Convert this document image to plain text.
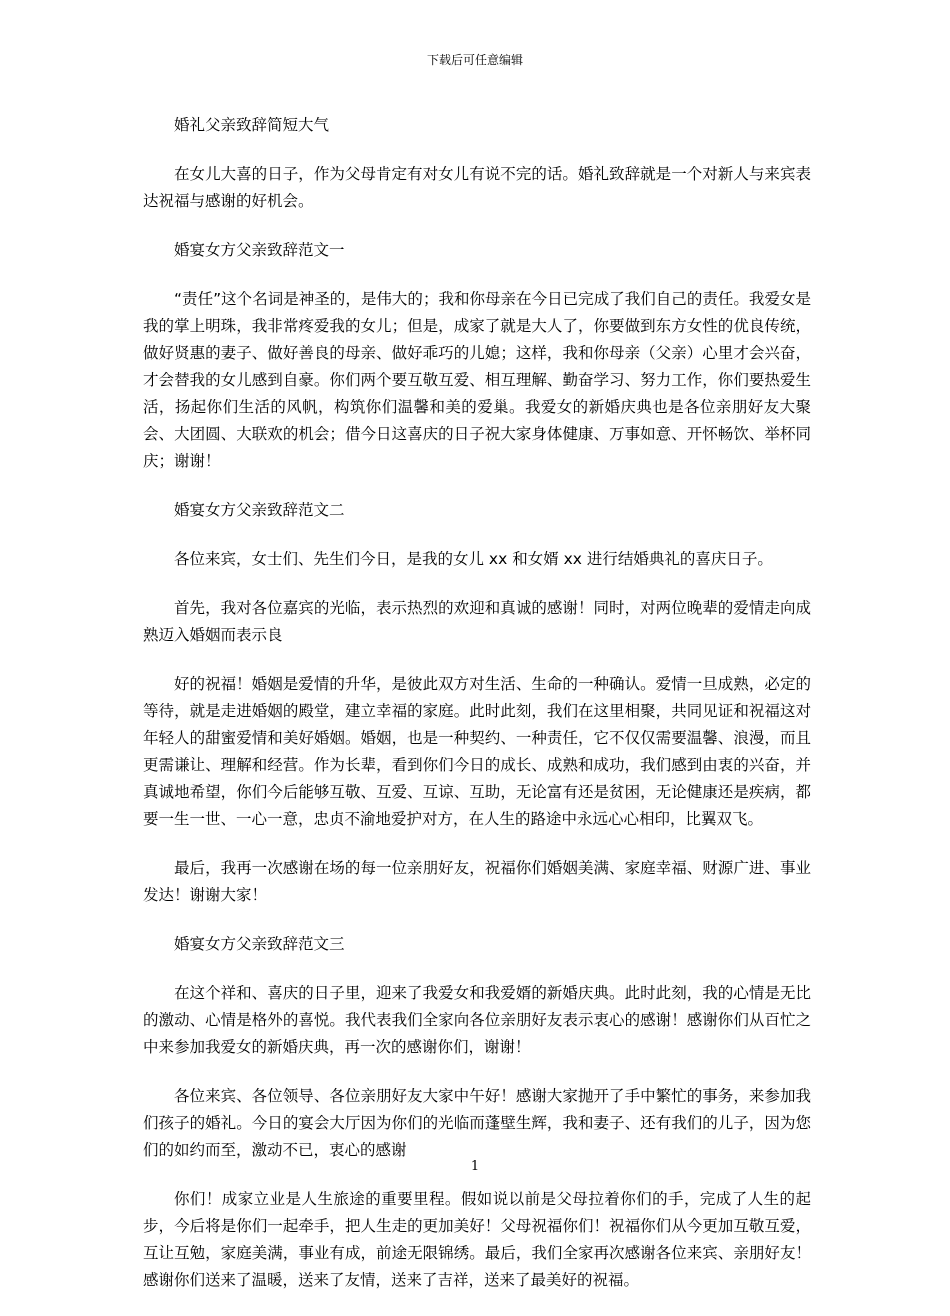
下载后可任意编辑

婚礼父亲致辞简短大气

在女儿大喜的日子，作为父母肯定有对女儿有说不完的话。婚礼致辞就是一个对新人与来宾表达祝福与感谢的好机会。

婚宴女方父亲致辞范文一

“责任”这个名词是神圣的，是伟大的；我和你母亲在今日已完成了我们自己的责任。我爱女是我的掌上明珠，我非常疼爱我的女儿；但是，成家了就是大人了，你要做到东方女性的优良传统，做好贤惠的妻子、做好善良的母亲、做好乖巧的儿媳；这样，我和你母亲（父亲）心里才会兴奋，才会替我的女儿感到自豪。你们两个要互敬互爱、相互理解、勤奋学习、努力工作，你们要热爱生活，扬起你们生活的风帆，构筑你们温馨和美的爱巢。我爱女的新婚庆典也是各位亲朋好友大聚会、大团圆、大联欢的机会；借今日这喜庆的日子祝大家身体健康、万事如意、开怀畅饮、举杯同庆；谢谢！

婚宴女方父亲致辞范文二

各位来宾，女士们、先生们今日，是我的女儿 xx 和女婿 xx 进行结婚典礼的喜庆日子。

首先，我对各位嘉宾的光临，表示热烈的欢迎和真诚的感谢！同时，对两位晚辈的爱情走向成熟迈入婚姻而表示良

好的祝福！婚姻是爱情的升华，是彼此双方对生活、生命的一种确认。爱情一旦成熟，必定的等待，就是走进婚姻的殿堂，建立幸福的家庭。此时此刻，我们在这里相聚，共同见证和祝福这对年轻人的甜蜜爱情和美好婚姻。婚姻，也是一种契约、一种责任，它不仅仅需要温馨、浪漫，而且更需谦让、理解和经营。作为长辈，看到你们今日的成长、成熟和成功，我们感到由衷的兴奋，并真诚地希望，你们今后能够互敬、互爱、互谅、互助，无论富有还是贫困，无论健康还是疾病，都要一生一世、一心一意，忠贞不渝地爱护对方，在人生的路途中永远心心相印，比翼双飞。

最后，我再一次感谢在场的每一位亲朋好友，祝福你们婚姻美满、家庭幸福、财源广进、事业发达！谢谢大家！

婚宴女方父亲致辞范文三

在这个祥和、喜庆的日子里，迎来了我爱女和我爱婿的新婚庆典。此时此刻，我的心情是无比的激动、心情是格外的喜悦。我代表我们全家向各位亲朋好友表示衷心的感谢！感谢你们从百忙之中来参加我爱女的新婚庆典，再一次的感谢你们，谢谢！

各位来宾、各位领导、各位亲朋好友大家中午好！感谢大家抛开了手中繁忙的事务，来参加我们孩子的婚礼。今日的宴会大厅因为你们的光临而蓬壁生辉，我和妻子、还有我们的儿子，因为您们的如约而至，激动不已，衷心的感谢

你们！成家立业是人生旅途的重要里程。假如说以前是父母拉着你们的手，完成了人生的起步，今后将是你们一起牵手，把人生走的更加美好！父母祝福你们！祝福你们从今更加互敬互爱，互让互勉，家庭美满，事业有成，前途无限锦绣。最后，我们全家再次感谢各位来宾、亲朋好友！感谢你们送来了温暖，送来了友情，送来了吉祥，送来了最美好的祝福。

1
